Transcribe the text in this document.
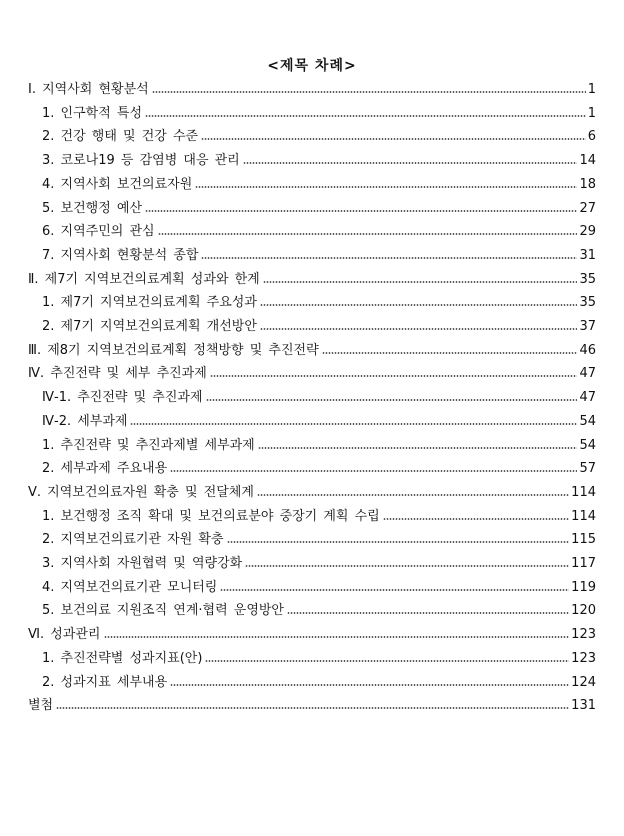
<제목 차례>
Ⅰ. 지역사회 현황분석	1
1. 인구학적 특성	1
2. 건강 행태 및 건강 수준	6
3. 코로나19 등 감염병 대응 관리	14
4. 지역사회 보건의료자원	18
5. 보건행정 예산	27
6. 지역주민의 관심	29
7. 지역사회 현황분석 종합	31
Ⅱ. 제7기 지역보건의료계획 성과와 한계	35
1. 제7기 지역보건의료계획 주요성과	35
2. 제7기 지역보건의료계획 개선방안	37
Ⅲ. 제8기 지역보건의료계획 정책방향 및 추진전략	46
Ⅳ. 추진전략 및 세부 추진과제	47
Ⅳ-1. 추진전략 및 추진과제	47
Ⅳ-2. 세부과제	54
1. 추진전략 및 추진과제별 세부과제	54
2. 세부과제 주요내용	57
Ⅴ. 지역보건의료자원 확충 및 전달체계	114
1. 보건행정 조직 확대 및 보건의료분야 중장기 계획 수립	114
2. 지역보건의료기관 자원 확충	115
3. 지역사회 자원협력 및 역량강화	117
4. 지역보건의료기관 모니터링	119
5. 보건의료 지원조직 연계·협력 운영방안	120
Ⅵ. 성과관리	123
1. 추진전략별 성과지표(안)	123
2. 성과지표 세부내용	124
별첨	131
